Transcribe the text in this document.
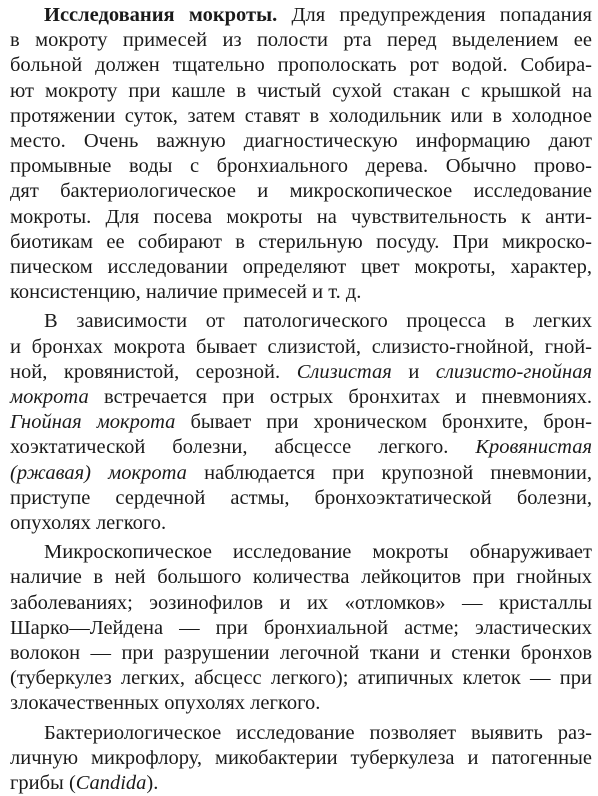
Исследования мокроты. Для предупреждения попадания
в мокроту примесей из полости рта перед выделением ее
больной должен тщательно прополоскать рот водой. Собира-
ют мокроту при кашле в чистый сухой стакан с крышкой на
протяжении суток, затем ставят в холодильник или в холодное
место. Очень важную диагностическую информацию дают
промывные воды с бронхиального дерева. Обычно прово-
дят бактериологическое и микроскопическое исследование
мокроты. Для посева мокроты на чувствительность к анти-
биотикам ее собирают в стерильную посуду. При микроско-
пическом исследовании определяют цвет мокроты, характер,
консистенцию, наличие примесей и т. д.
В зависимости от патологического процесса в легких
и бронхах мокрота бывает слизистой, слизисто-гнойной, гной-
ной, кровянистой, серозной. Слизистая и слизисто-гнойная
мокрота встречается при острых бронхитах и пневмониях.
Гнойная мокрота бывает при хроническом бронхите, брон-
хоэктатической болезни, абсцессе легкого. Кровянистая
(ржавая) мокрота наблюдается при крупозной пневмонии,
приступе сердечной астмы, бронхоэктатической болезни,
опухолях легкого.
Микроскопическое исследование мокроты обнаруживает
наличие в ней большого количества лейкоцитов при гнойных
заболеваниях; эозинофилов и их «отломков» — кристаллы
Шарко—Лейдена — при бронхиальной астме; эластических
волокон — при разрушении легочной ткани и стенки бронхов
(туберкулез легких, абсцесс легкого); атипичных клеток — при
злокачественных опухолях легкого.
Бактериологическое исследование позволяет выявить раз-
личную микрофлору, микобактерии туберкулеза и патогенные
грибы (Candida).
